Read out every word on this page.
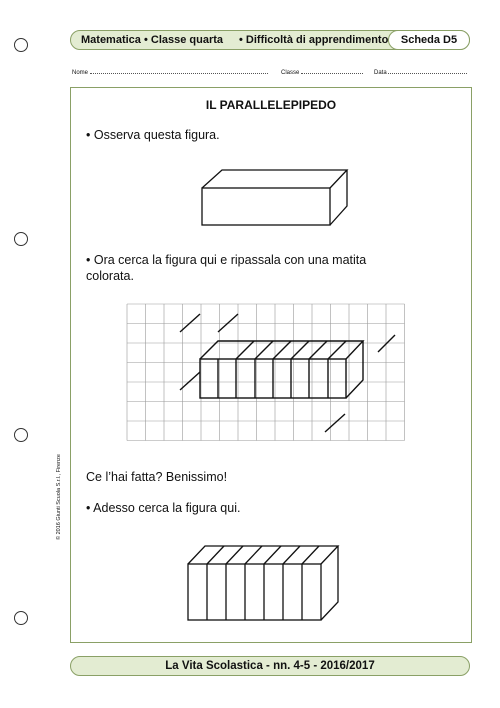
Matematica • Classe quarta • Difficoltà di apprendimento	Scheda D5
Nome	Classe	Data
IL PARALLELEPIPEDO
• Osserva questa figura.
• Ora cerca la figura qui e ripassala con una matita colorata.
Ce l’hai fatta? Benissimo!
• Adesso cerca la figura qui.
© 2016 Giunti Scuola S.r.l., Firenze
La Vita Scolastica - nn. 4-5 - 2016/2017
